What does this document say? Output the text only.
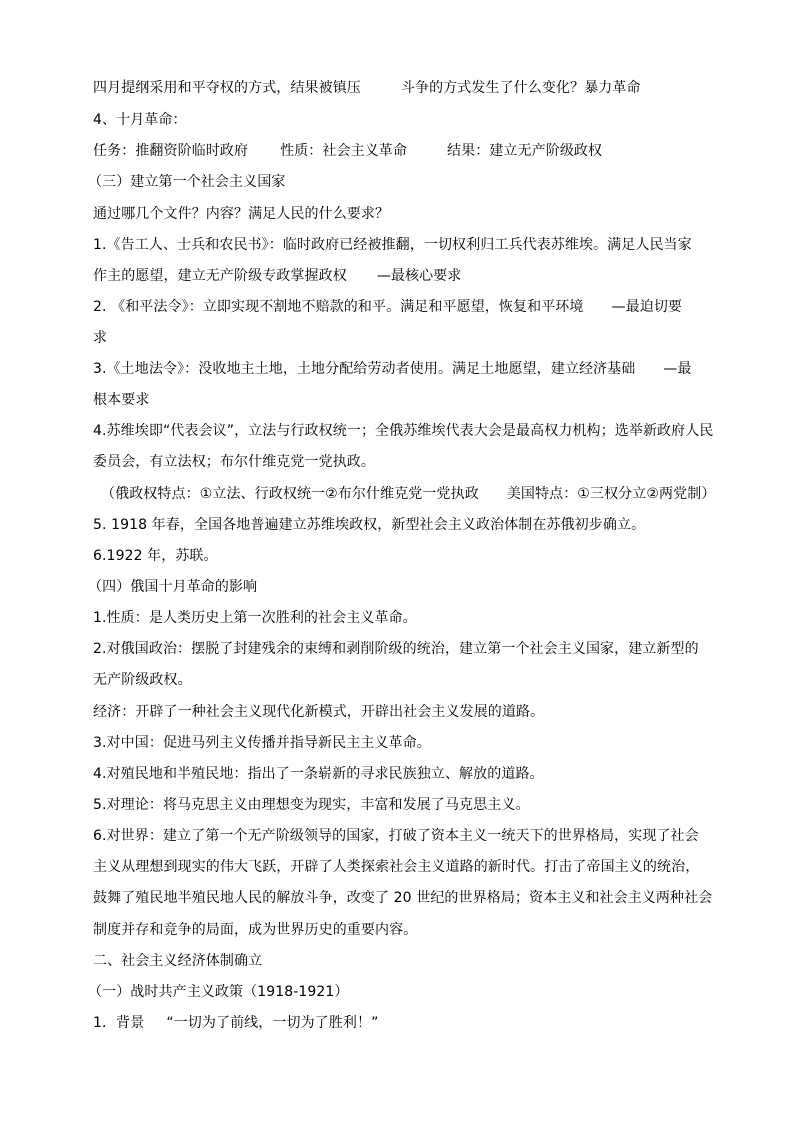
四月提纲采用和平夺权的方式，结果被镇压	斗争的方式发生了什么变化？暴力革命
4、十月革命：
任务：推翻资阶临时政府 性质：社会主义革命	结果：建立无产阶级政权
（三）建立第一个社会主义国家
通过哪几个文件？内容？满足人民的什么要求？
1.《告工人、士兵和农民书》：临时政府已经被推翻，一切权利归工兵代表苏维埃。满足人民当家
作主的愿望，建立无产阶级专政掌握政权 —最核心要求
2. 《和平法令》：立即实现不割地不赔款的和平。满足和平愿望，恢复和平环境 —最迫切要
求
3.《土地法令》：没收地主土地，土地分配给劳动者使用。满足土地愿望，建立经济基础 —最
根本要求
4.苏维埃即“代表会议”，立法与行政权统一；全俄苏维埃代表大会是最高权力机构；选举新政府人民
委员会，有立法权；布尔什维克党一党执政。
（俄政权特点：①立法、行政权统一②布尔什维克党一党执政 美国特点：①三权分立②两党制）
5. 1918 年春，全国各地普遍建立苏维埃政权，新型社会主义政治体制在苏俄初步确立。
6.1922 年，苏联。
（四）俄国十月革命的影响
1.性质：是人类历史上第一次胜利的社会主义革命。
2.对俄国政治：摆脱了封建残余的束缚和剥削阶级的统治，建立第一个社会主义国家，建立新型的
无产阶级政权。
经济：开辟了一种社会主义现代化新模式，开辟出社会主义发展的道路。
3.对中国：促进马列主义传播并指导新民主主义革命。
4.对殖民地和半殖民地：指出了一条崭新的寻求民族独立、解放的道路。
5.对理论：将马克思主义由理想变为现实，丰富和发展了马克思主义。
6.对世界：建立了第一个无产阶级领导的国家，打破了资本主义一统天下的世界格局，实现了社会
主义从理想到现实的伟大飞跃，开辟了人类探索社会主义道路的新时代。打击了帝国主义的统治，
鼓舞了殖民地半殖民地人民的解放斗争，改变了 20 世纪的世界格局；资本主义和社会主义两种社会
制度并存和竞争的局面，成为世界历史的重要内容。
二、社会主义经济体制确立
（一）战时共产主义政策（1918-1921）
1．背景 “一切为了前线，一切为了胜利！”
